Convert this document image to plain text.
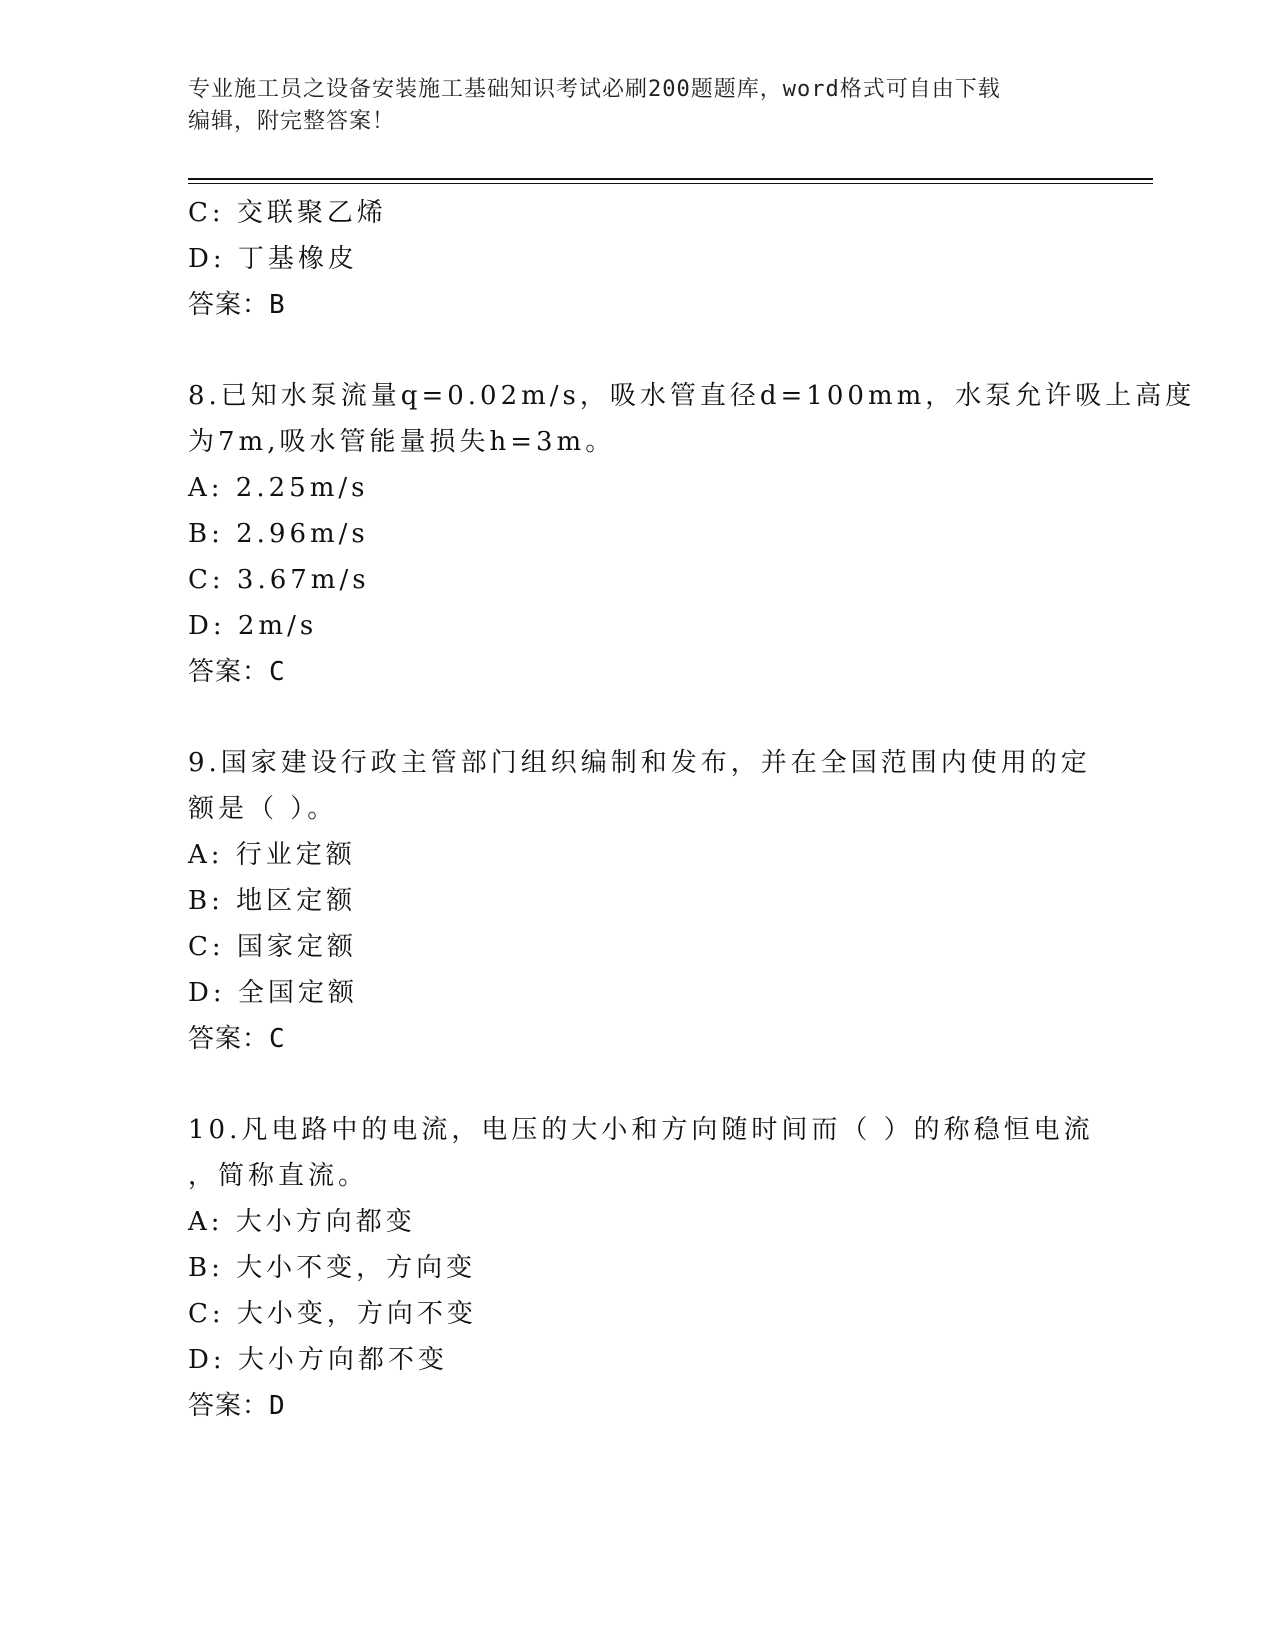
专业施工员之设备安装施工基础知识考试必刷200题题库，word格式可自由下载
编辑，附完整答案！
C: 交联聚乙烯
D: 丁基橡皮
答案：B
8.已知水泵流量q=0.02m/s，吸水管直径d=100mm，水泵允许吸上高度
为7m,吸水管能量损失h=3m。
A: 2.25m/s
B: 2.96m/s
C: 3.67m/s
D: 2m/s
答案：C
9.国家建设行政主管部门组织编制和发布，并在全国范围内使用的定
额是（ ）。
A: 行业定额
B: 地区定额
C: 国家定额
D: 全国定额
答案：C
10.凡电路中的电流，电压的大小和方向随时间而（ ）的称稳恒电流
，简称直流。
A: 大小方向都变
B: 大小不变，方向变
C: 大小变，方向不变
D: 大小方向都不变
答案：D
